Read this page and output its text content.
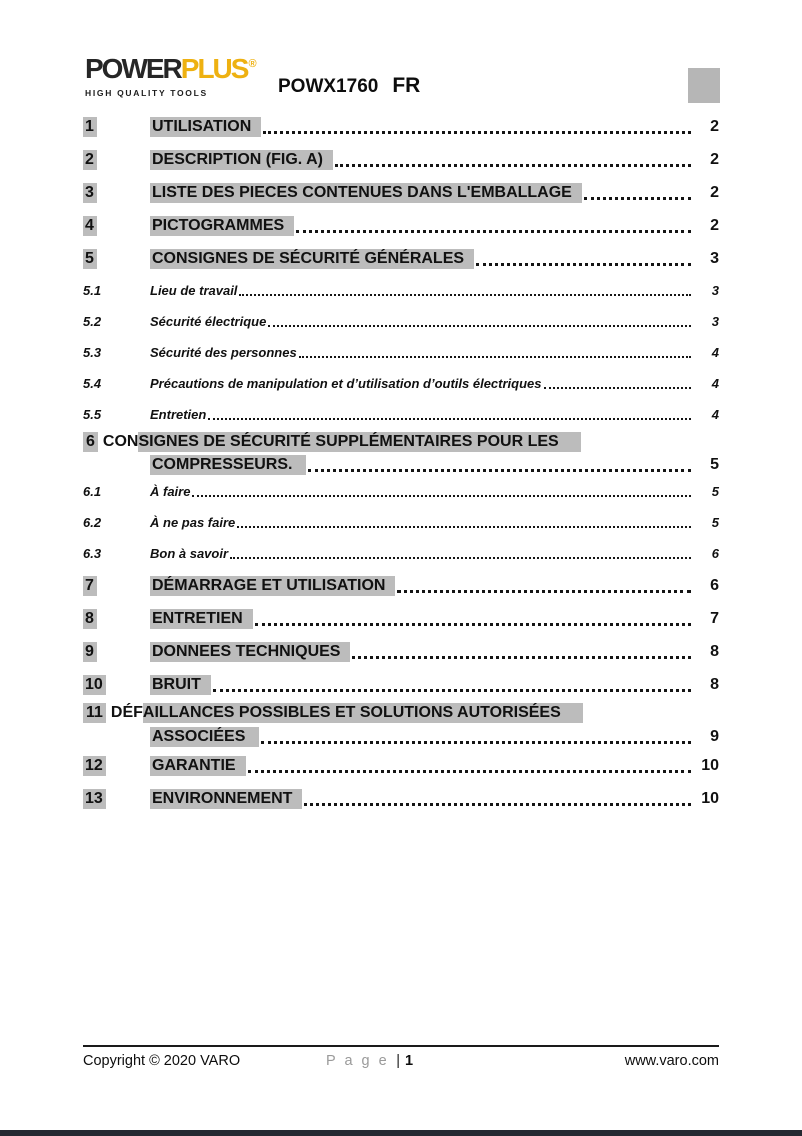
POWERPLUS®
HIGH QUALITY TOOLS	POWX1760 FR
1	UTILISATION	2
2	DESCRIPTION (FIG. A)	2
3	LISTE DES PIECES CONTENUES DANS L'EMBALLAGE	2
4	PICTOGRAMMES	2
5	CONSIGNES DE SÉCURITÉ GÉNÉRALES	3
5.1	Lieu de travail	3
5.2	Sécurité électrique	3
5.3	Sécurité des personnes	4
5.4	Précautions de manipulation et d’utilisation d’outils électriques	4
5.5	Entretien	4
6 CON SIGNES DE SÉCURITÉ SUPPLÉMENTAIRES POUR LES
COMPRESSEURS.	5
6.1	À faire	5
6.2	À ne pas faire	5
6.3	Bon à savoir	6
7	DÉMARRAGE ET UTILISATION	6
8	ENTRETIEN	7
9	DONNEES TECHNIQUES	8
10	BRUIT	8
11 DÉF AILLANCES POSSIBLES ET SOLUTIONS AUTORISÉES
ASSOCIÉES	9
12	GARANTIE	10
13	ENVIRONNEMENT	10
Copyright © 2020 VARO	P a g e | 1	www.varo.com
